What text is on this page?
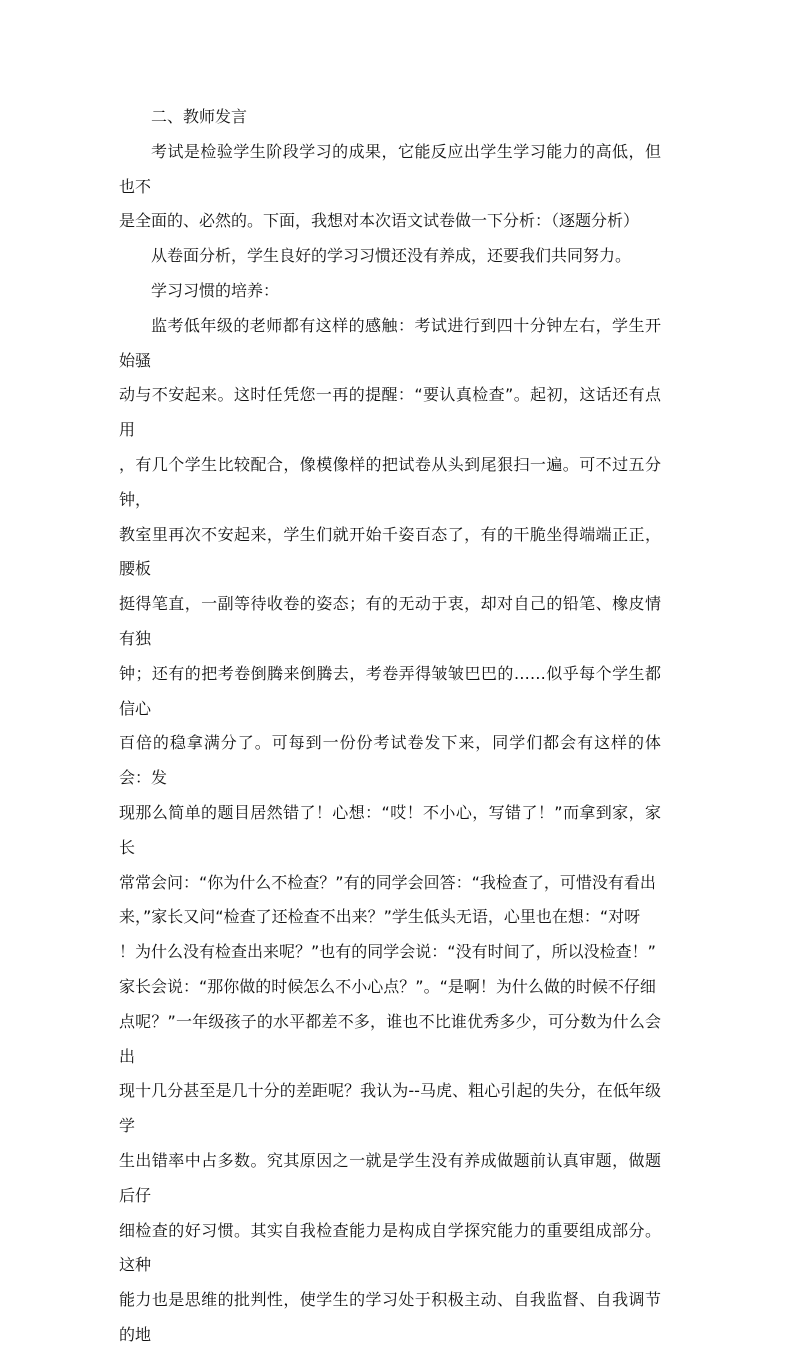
二、教师发言

考试是检验学生阶段学习的成果，它能反应出学生学习能力的高低，但也不
是全面的、必然的。下面，我想对本次语文试卷做一下分析：（逐题分析）

从卷面分析，学生良好的学习习惯还没有养成，还要我们共同努力。

学习习惯的培养：

监考低年级的老师都有这样的感触：考试进行到四十分钟左右，学生开始骚
动与不安起来。这时任凭您一再的提醒：“要认真检查”。起初，这话还有点用
，有几个学生比较配合，像模像样的把试卷从头到尾狠扫一遍。可不过五分钟，
教室里再次不安起来，学生们就开始千姿百态了，有的干脆坐得端端正正，腰板
挺得笔直，一副等待收卷的姿态；有的无动于衷，却对自己的铅笔、橡皮情有独
钟；还有的把考卷倒腾来倒腾去，考卷弄得皱皱巴巴的……似乎每个学生都信心
百倍的稳拿满分了。可每到一份份考试卷发下来，同学们都会有这样的体会：发
现那么简单的题目居然错了！心想：“哎！不小心，写错了！”而拿到家，家长
常常会问：“你为什么不检查？”有的同学会回答：“我检查了，可惜没有看出
来，”家长又问“检查了还检查不出来？”学生低头无语，心里也在想：“对呀
！为什么没有检查出来呢？”也有的同学会说：“没有时间了，所以没检查！”
家长会说：“那你做的时候怎么不小心点？”。“是啊！为什么做的时候不仔细
点呢？”一年级孩子的水平都差不多，谁也不比谁优秀多少，可分数为什么会出
现十几分甚至是几十分的差距呢？我认为--马虎、粗心引起的失分，在低年级学
生出错率中占多数。究其原因之一就是学生没有养成做题前认真审题，做题后仔
细检查的好习惯。其实自我检查能力是构成自学探究能力的重要组成部分。这种
能力也是思维的批判性，使学生的学习处于积极主动、自我监督、自我调节的地
